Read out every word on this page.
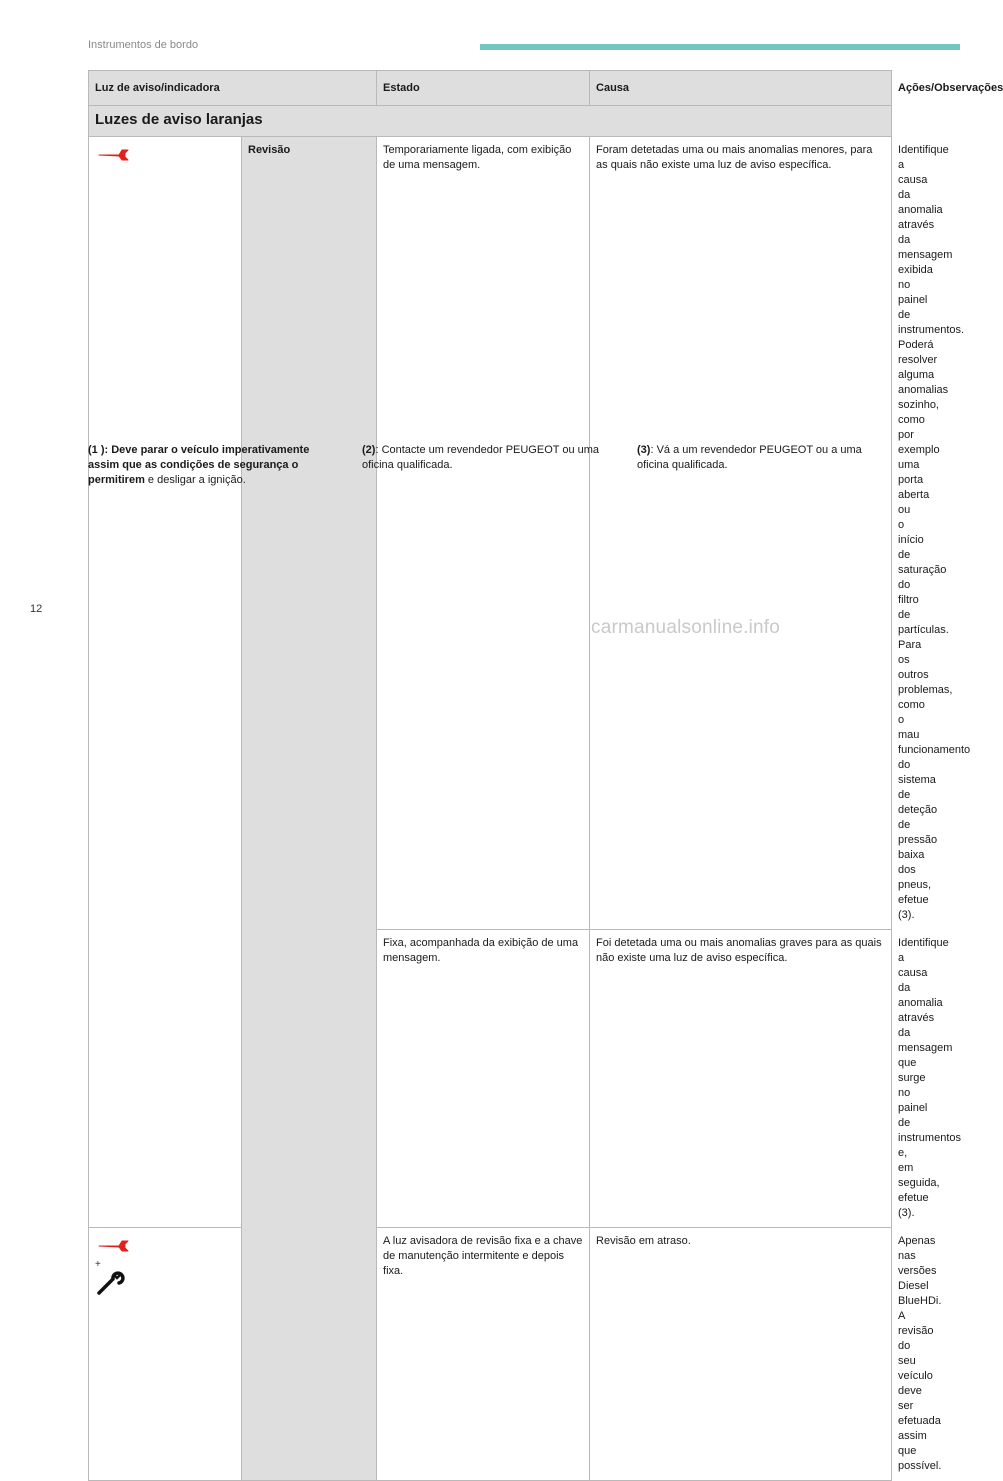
Instrumentos de bordo
Luz de aviso/indicadora		Estado	Causa	Ações/Observações
Luzes de aviso laranjas				
	Revisão	Temporariamente ligada, com exibição de uma mensagem.	Foram detetadas uma ou mais anomalias menores, para as quais não existe uma luz de aviso específica.	Identifique a causa da anomalia através da mensagem exibida no painel de instrumentos.
Poderá resolver alguma anomalias sozinho, como por exemplo uma porta aberta ou o início de saturação do filtro de partículas.
Para os outros problemas, como o mau funcionamento do sistema de deteção de pressão baixa dos pneus, efetue (3).

		Fixa, acompanhada da exibição de uma mensagem.	Foi detetada uma ou mais anomalias graves para as quais não existe uma luz de aviso específica.	Identifique a causa da anomalia através da mensagem que surge no painel de instrumentos e, em seguida, efetue (3).

+		A luz avisadora de revisão fixa e a chave de manutenção intermitente e depois fixa.	Revisão em atraso.	Apenas nas versões Diesel BlueHDi.
A revisão do seu veículo deve ser efetuada assim que possível.
(1 ): Deve parar o veículo imperativamente assim que as condições de segurança o permitirem e desligar a ignição.
(2): Contacte um revendedor PEUGEOT ou uma oficina qualificada.
(3): Vá a um revendedor PEUGEOT ou a uma oficina qualificada.
12
carmanualsonline.info
